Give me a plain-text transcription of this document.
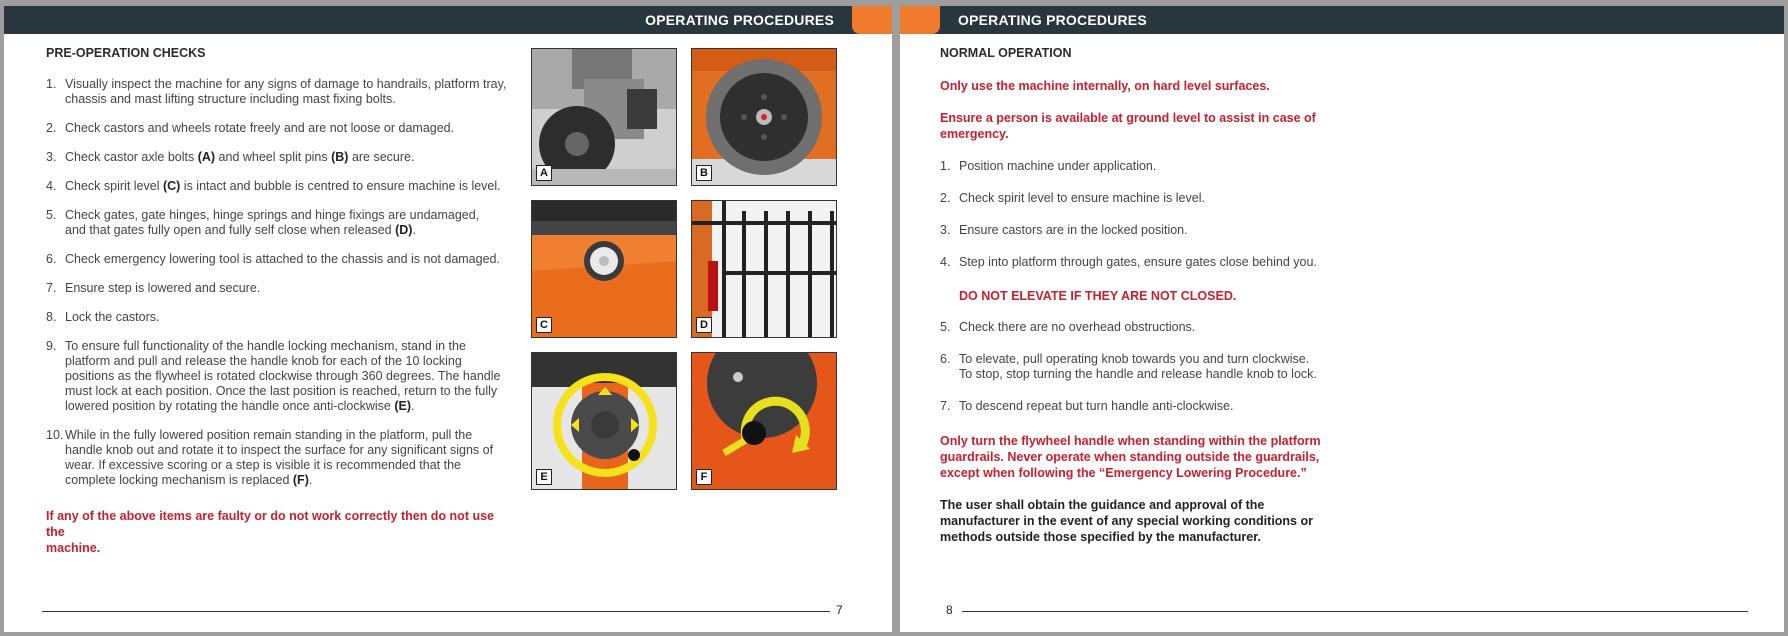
OPERATING PROCEDURES
PRE-OPERATION CHECKS
1. Visually inspect the machine for any signs of damage to handrails, platform tray,
chassis and mast lifting structure including mast fixing bolts.
2. Check castors and wheels rotate freely and are not loose or damaged.
3. Check castor axle bolts (A) and wheel split pins (B) are secure.
4. Check spirit level (C) is intact and bubble is centred to ensure machine is level.
5. Check gates, gate hinges, hinge springs and hinge fixings are undamaged,
and that gates fully open and fully self close when released (D).
6. Check emergency lowering tool is attached to the chassis and is not damaged.
7. Ensure step is lowered and secure.
8. Lock the castors.
9. To ensure full functionality of the handle locking mechanism, stand in the
platform and pull and release the handle knob for each of the 10 locking
positions as the flywheel is rotated clockwise through 360 degrees. The handle
must lock at each position. Once the last position is reached, return to the fully
lowered position by rotating the handle once anti-clockwise (E).
10. While in the fully lowered position remain standing in the platform, pull the
handle knob out and rotate it to inspect the surface for any significant signs of
wear. If excessive scoring or a step is visible it is recommended that the
complete locking mechanism is replaced (F).
If any of the above items are faulty or do not work correctly then do not use the
machine.
A	B
C	D
E	F
7
OPERATING PROCEDURES
NORMAL OPERATION
Only use the machine internally, on hard level surfaces.
Ensure a person is available at ground level to assist in case of
emergency.
1. Position machine under application.
2. Check spirit level to ensure machine is level.
3. Ensure castors are in the locked position.
4. Step into platform through gates, ensure gates close behind you.
DO NOT ELEVATE IF THEY ARE NOT CLOSED.
5. Check there are no overhead obstructions.
6. To elevate, pull operating knob towards you and turn clockwise.
To stop, stop turning the handle and release handle knob to lock.
7. To descend repeat but turn handle anti-clockwise.
Only turn the flywheel handle when standing within the platform
guardrails. Never operate when standing outside the guardrails,
except when following the “Emergency Lowering Procedure.”
The user shall obtain the guidance and approval of the
manufacturer in the event of any special working conditions or
methods outside those specified by the manufacturer.
8
